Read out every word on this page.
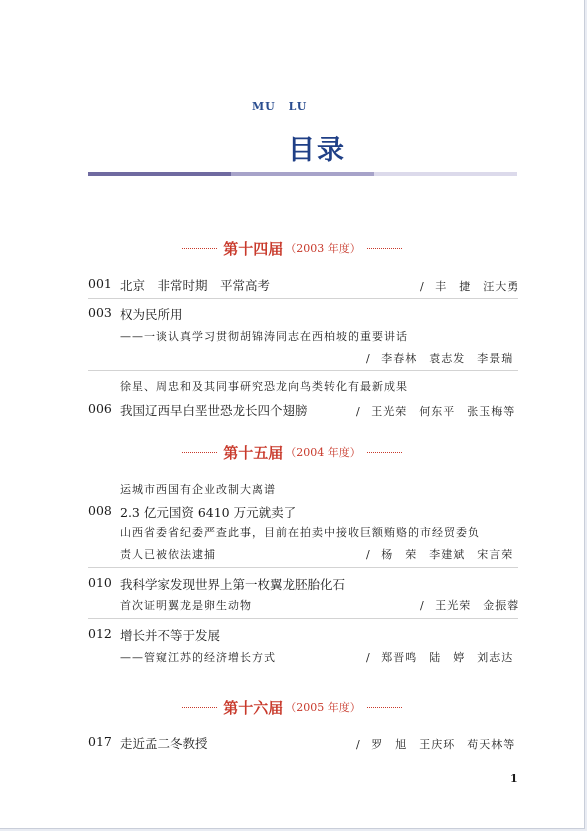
MU LU
目录
第十四届 （2003 年度）
001 北京　非常时期　平常高考	/ 丰　捷　汪大勇
003 权为民所用
——一谈认真学习贯彻胡锦涛同志在西柏坡的重要讲话
/ 李春林　袁志发　李景瑞
徐星、周忠和及其同事研究恐龙向鸟类转化有最新成果
006 我国辽西早白垩世恐龙长四个翅膀	/ 王光荣　何东平　张玉梅等
第十五届 （2004 年度）
运城市西国有企业改制大离谱
008 2.3 亿元国资 6410 万元就卖了
山西省委省纪委严查此事，目前在拍卖中接收巨额贿赂的市经贸委负
责人已被依法逮捕	/ 杨　荣　李建斌　宋言荣
010 我科学家发现世界上第一枚翼龙胚胎化石
首次证明翼龙是卵生动物	/ 王光荣　金振蓉
012 增长并不等于发展
——管窥江苏的经济增长方式	/ 郑晋鸣　陆　婷　刘志达
第十六届 （2005 年度）
017 走近孟二冬教授	/ 罗　旭　王庆环　苟天林等
1
